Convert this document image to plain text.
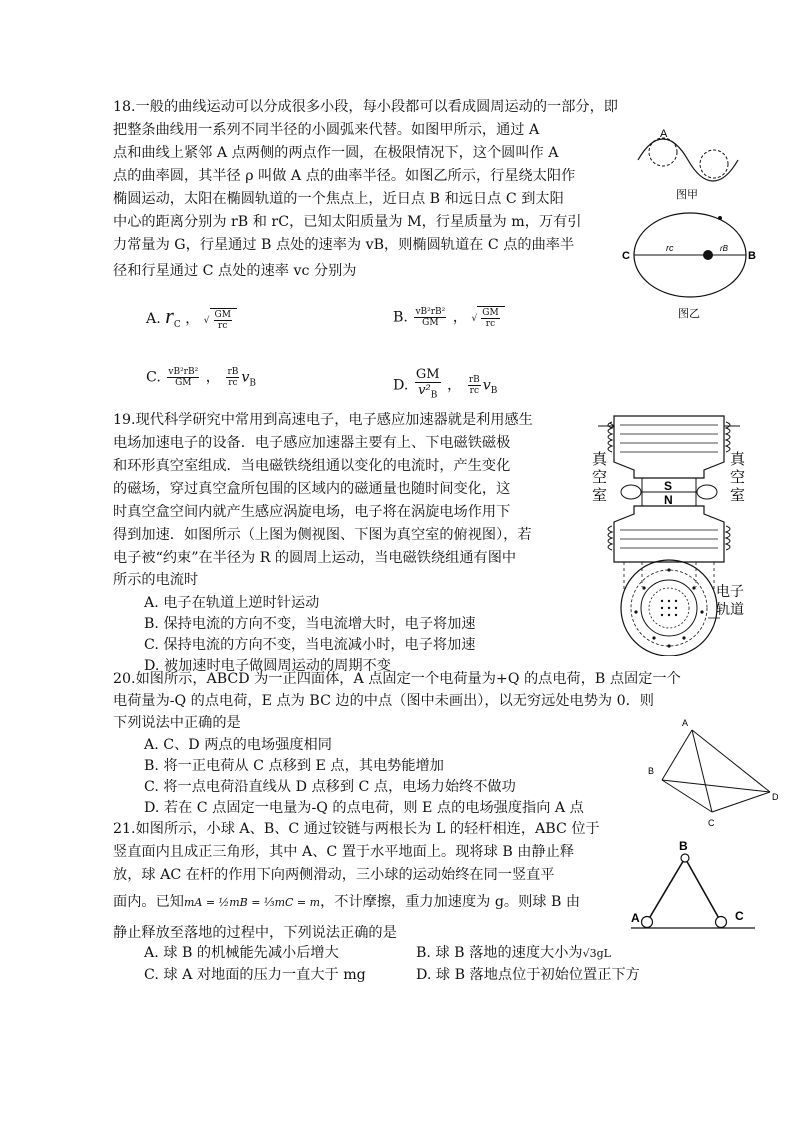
18.一般的曲线运动可以分成很多小段，每小段都可以看成圆周运动的一部分，即
把整条曲线用一系列不同半径的小圆弧来代替。如图甲所示，通过 A
点和曲线上紧邻 A 点两侧的两点作一圆，在极限情况下，这个圆叫作 A
点的曲率圆，其半径 ρ 叫做 A 点的曲率半径。如图乙所示，行星绕太阳作
椭圆运动，太阳在椭圆轨道的一个焦点上，近日点 B 和远日点 C 到太阳
中心的距离分别为 rB 和 rC，已知太阳质量为 M，行星质量为 m，万有引
力常量为 G，行星通过 B 点处的速率为 vB，则椭圆轨道在 C 点的曲率半
径和行星通过 C 点处的速率 vc 分别为
A. $r_C$ ， √ $\frac{GM}{rc}$	B. $\frac{\text{vB²rB²}}{GM}$ ， √ $\frac{GM}{rc}$
C. $\frac{\text{vB²rB²}}{GM}$ ， $\frac{rB}{rc} v_B$	D. $\frac{GM}{v^2_B}$ ， $\frac{rB}{rc} v_B$
A
图甲
C	B
rc	rB
图乙
19.现代科学研究中常用到高速电子，电子感应加速器就是利用感生
电场加速电子的设备．电子感应加速器主要有上、下电磁铁磁极
和环形真空室组成．当电磁铁绕组通以变化的电流时，产生变化
的磁场，穿过真空盒所包围的区域内的磁通量也随时间变化，这
时真空盒空间内就产生感应涡旋电场，电子将在涡旋电场作用下
得到加速．如图所示（上图为侧视图、下图为真空室的俯视图），若
电子被“约束”在半径为 R 的圆周上运动，当电磁铁绕组通有图中
所示的电流时
A. 电子在轨道上逆时针运动
B. 保持电流的方向不变，当电流增大时，电子将加速
C. 保持电流的方向不变，当电流减小时，电子将加速
D. 被加速时电子做圆周运动的周期不变
S
N
真
空
室
真
空
室
电子
轨道
20.如图所示，ABCD 为一正四面体，A 点固定一个电荷量为+Q 的点电荷，B 点固定一个
电荷量为-Q 的点电荷，E 点为 BC 边的中点（图中未画出），以无穷远处电势为 0．则
下列说法中正确的是
A. C、D 两点的电场强度相同
B. 将一正电荷从 C 点移到 E 点，其电势能增加
C. 将一点电荷沿直线从 D 点移到 C 点，电场力始终不做功
D. 若在 C 点固定一电量为-Q 的点电荷，则 E 点的电场强度指向 A 点
A
B
C
D
21.如图所示，小球 A、B、C 通过铰链与两根长为 L 的轻杆相连，ABC 位于
竖直面内且成正三角形，其中 A、C 置于水平地面上。现将球 B 由静止释
放，球 AC 在杆的作用下向两侧滑动，三小球的运动始终在同一竖直平
面内。已知mA = ½mB = ⅓mC = m，不计摩擦，重力加速度为 g。则球 B 由
静止释放至落地的过程中，下列说法正确的是
A. 球 B 的机械能先减小后增大	B. 球 B 落地的速度大小为√3gL
C. 球 A 对地面的压力一直大于 mg	D. 球 B 落地点位于初始位置正下方
B
A	C
